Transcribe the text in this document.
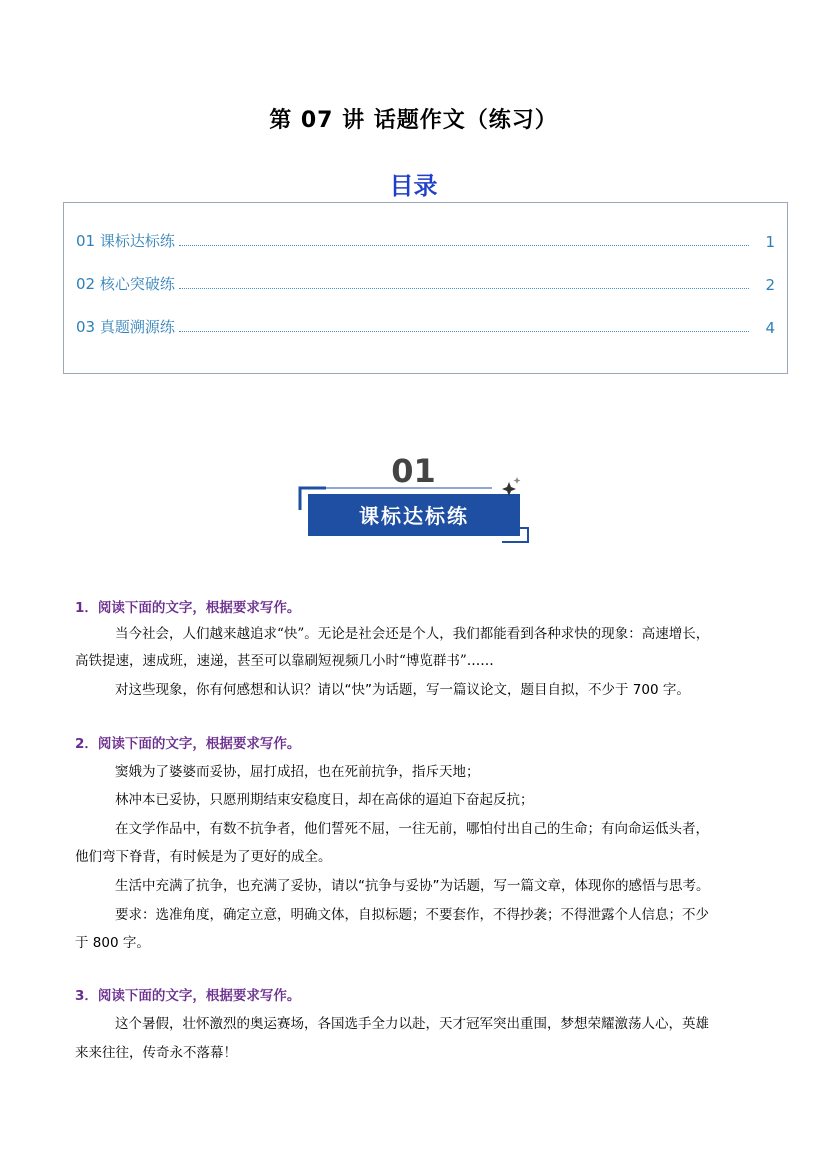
第 07 讲 话题作文（练习）
目录
01 课标达标练	1
02 核心突破练	2
03 真题溯源练	4
01
课标达标练
1．阅读下面的文字，根据要求写作。
当今社会，人们越来越追求“快”。无论是社会还是个人，我们都能看到各种求快的现象：高速增长，
高铁提速，速成班，速递，甚至可以靠刷短视频几小时“博览群书”……
对这些现象，你有何感想和认识？请以“快”为话题，写一篇议论文，题目自拟，不少于 700 字。
2．阅读下面的文字，根据要求写作。
窦娥为了婆婆而妥协，屈打成招，也在死前抗争，指斥天地；
林冲本已妥协，只愿刑期结束安稳度日，却在高俅的逼迫下奋起反抗；
在文学作品中，有数不抗争者，他们誓死不屈，一往无前，哪怕付出自己的生命；有向命运低头者，
他们弯下脊背，有时候是为了更好的成全。
生活中充满了抗争，也充满了妥协，请以“抗争与妥协”为话题，写一篇文章，体现你的感悟与思考。
要求：选准角度，确定立意，明确文体，自拟标题；不要套作，不得抄袭；不得泄露个人信息；不少
于 800 字。
3．阅读下面的文字，根据要求写作。
这个暑假，壮怀激烈的奥运赛场，各国选手全力以赴，天才冠军突出重围，梦想荣耀激荡人心，英雄
来来往往，传奇永不落幕！
